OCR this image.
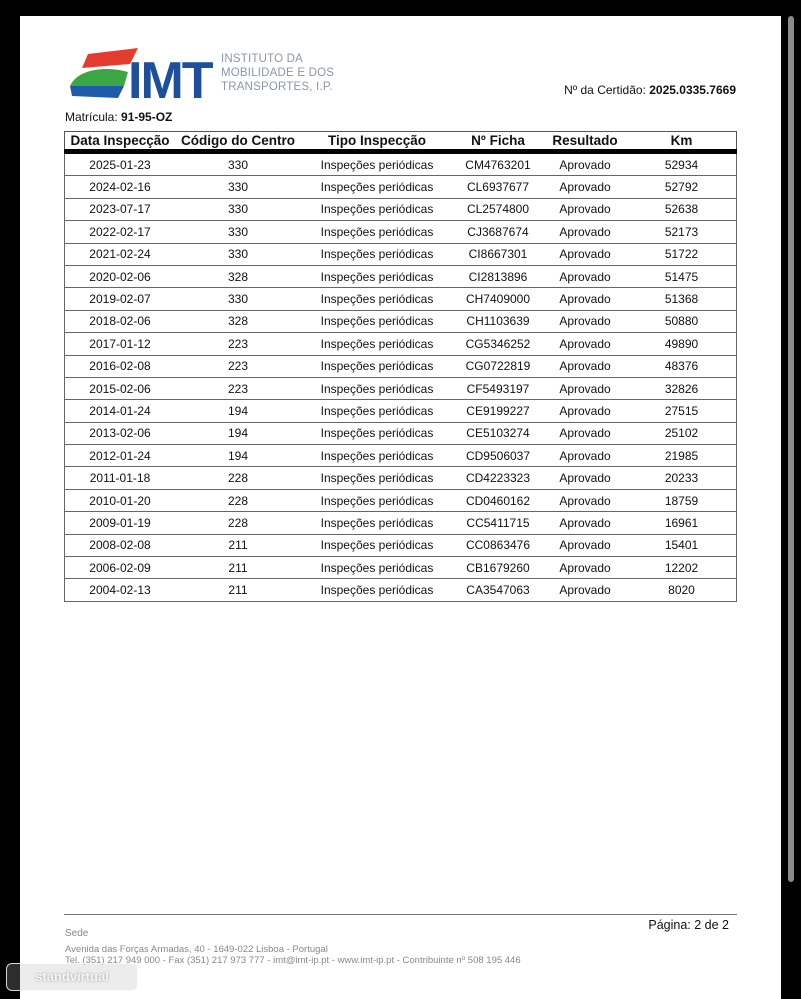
IMT INSTITUTO DA
MOBILIDADE E DOS
TRANSPORTES, I.P.	Nº da Certidão: 2025.0335.7669
Matrícula: 91-95-OZ
Data Inspecção	Código do Centro	Tipo Inspecção	Nº Ficha	Resultado	Km
2025-01-23	330	Inspeções periódicas	CM4763201	Aprovado	52934
2024-02-16	330	Inspeções periódicas	CL6937677	Aprovado	52792
2023-07-17	330	Inspeções periódicas	CL2574800	Aprovado	52638
2022-02-17	330	Inspeções periódicas	CJ3687674	Aprovado	52173
2021-02-24	330	Inspeções periódicas	CI8667301	Aprovado	51722
2020-02-06	328	Inspeções periódicas	CI2813896	Aprovado	51475
2019-02-07	330	Inspeções periódicas	CH7409000	Aprovado	51368
2018-02-06	328	Inspeções periódicas	CH1103639	Aprovado	50880
2017-01-12	223	Inspeções periódicas	CG5346252	Aprovado	49890
2016-02-08	223	Inspeções periódicas	CG0722819	Aprovado	48376
2015-02-06	223	Inspeções periódicas	CF5493197	Aprovado	32826
2014-01-24	194	Inspeções periódicas	CE9199227	Aprovado	27515
2013-02-06	194	Inspeções periódicas	CE5103274	Aprovado	25102
2012-01-24	194	Inspeções periódicas	CD9506037	Aprovado	21985
2011-01-18	228	Inspeções periódicas	CD4223323	Aprovado	20233
2010-01-20	228	Inspeções periódicas	CD0460162	Aprovado	18759
2009-01-19	228	Inspeções periódicas	CC5411715	Aprovado	16961
2008-02-08	211	Inspeções periódicas	CC0863476	Aprovado	15401
2006-02-09	211	Inspeções periódicas	CB1679260	Aprovado	12202
2004-02-13	211	Inspeções periódicas	CA3547063	Aprovado	8020
Página: 2 de 2
Sede
Avenida das Forças Armadas, 40 - 1649-022 Lisboa - Portugal
Tel. (351) 217 949 000 - Fax (351) 217 973 777 - imt@imt-ip.pt - www.imt-ip.pt - Contribuinte nº 508 195 446
standvirtual
